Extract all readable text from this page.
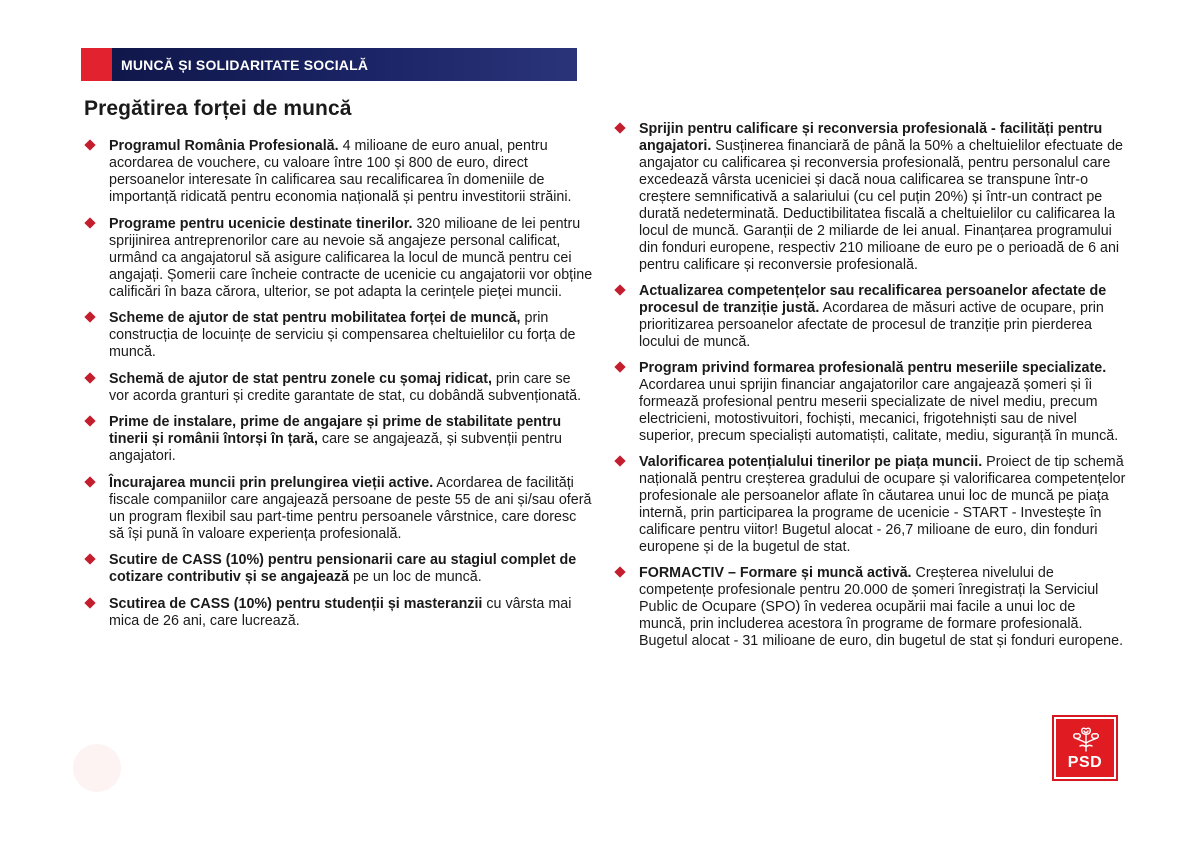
MUNCĂ ȘI SOLIDARITATE SOCIALĂ
Pregătirea forței de muncă
Programul România Profesională. 4 milioane de euro anual, pentru acordarea de vouchere, cu valoare între 100 și 800 de euro, direct persoanelor interesate în calificarea sau recalificarea în domeniile de importanță ridicată pentru economia națională și pentru investitorii străini.
Programe pentru ucenicie destinate tinerilor. 320 milioane de lei pentru sprijinirea antreprenorilor care au nevoie să angajeze personal calificat, urmând ca angajatorul să asigure calificarea la locul de muncă pentru cei angajați. Șomerii care încheie contracte de ucenicie cu angajatorii vor obține calificări în baza cărora, ulterior, se pot adapta la cerințele pieței muncii.
Scheme de ajutor de stat pentru mobilitatea forței de muncă, prin construcția de locuințe de serviciu și compensarea cheltuielilor cu forța de muncă.
Schemă de ajutor de stat pentru zonele cu șomaj ridicat, prin care se vor acorda granturi și credite garantate de stat, cu dobândă subvenționată.
Prime de instalare, prime de angajare și prime de stabilitate pentru tinerii și românii întorși în țară, care se angajează, și subvenții pentru angajatori.
Încurajarea muncii prin prelungirea vieții active. Acordarea de facilități fiscale companiilor care angajează persoane de peste 55 de ani și/sau oferă un program flexibil sau part-time pentru persoanele vârstnice, care doresc să își pună în valoare experiența profesională.
Scutire de CASS (10%) pentru pensionarii care au stagiul complet de cotizare contributiv și se angajează pe un loc de muncă.
Scutirea de CASS (10%) pentru studenții și masteranzii cu vârsta mai mica de 26 ani, care lucrează.
Sprijin pentru calificare și reconversia profesională - facilități pentru angajatori. Susținerea financiară de până la 50% a cheltuielilor efectuate de angajator cu calificarea și reconversia profesională, pentru personalul care excedează vârsta uceniciei și dacă noua calificarea se transpune într-o creștere semnificativă a salariului (cu cel puțin 20%) și într-un contract pe durată nedeterminată. Deductibilitatea fiscală a cheltuielilor cu calificarea la locul de muncă. Garanții de 2 miliarde de lei anual. Finanțarea programului din fonduri europene, respectiv 210 milioane de euro pe o perioadă de 6 ani pentru calificare și reconversie profesională.
Actualizarea competențelor sau recalificarea persoanelor afectate de procesul de tranziție justă. Acordarea de măsuri active de ocupare, prin prioritizarea persoanelor afectate de procesul de tranziție prin pierderea locului de muncă.
Program privind formarea profesională pentru meseriile specializate. Acordarea unui sprijin financiar angajatorilor care angajează șomeri și îi formează profesional pentru meserii specializate de nivel mediu, precum electricieni, motostivuitori, fochiști, mecanici, frigotehniști sau de nivel superior, precum specialiști automatiști, calitate, mediu, siguranță în muncă.
Valorificarea potențialului tinerilor pe piața muncii. Proiect de tip schemă națională pentru creșterea gradului de ocupare și valorificarea competențelor profesionale ale persoanelor aflate în căutarea unui loc de muncă pe piața internă, prin participarea la programe de ucenicie - START - Investește în calificare pentru viitor! Bugetul alocat - 26,7 milioane de euro, din fonduri europene și de la bugetul de stat.
FORMACTIV – Formare și muncă activă. Creșterea nivelului de competențe profesionale pentru 20.000 de șomeri înregistrați la Serviciul Public de Ocupare (SPO) în vederea ocupării mai facile a unui loc de muncă, prin includerea acestora în programe de formare profesională. Bugetul alocat - 31 milioane de euro, din bugetul de stat și fonduri europene.
PSD
